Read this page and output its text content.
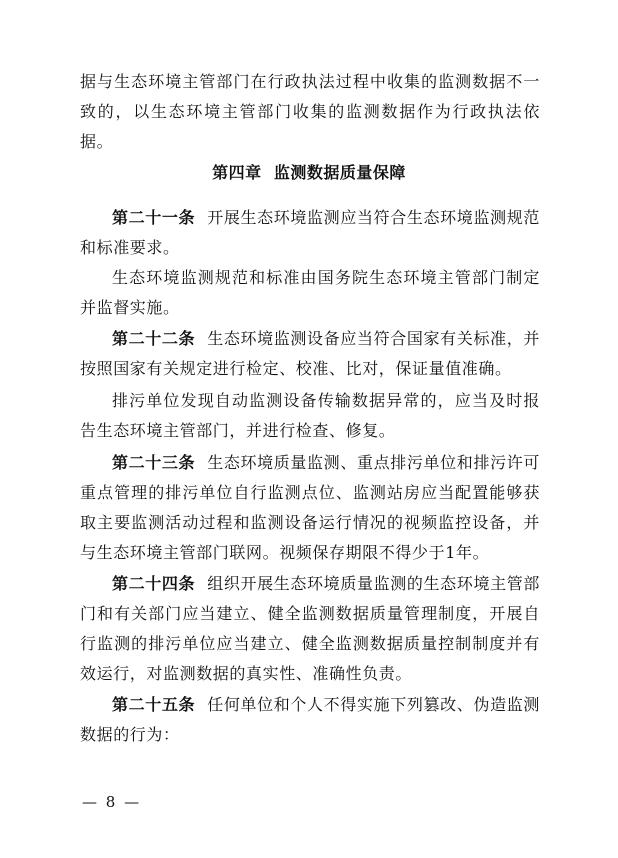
据与生态环境主管部门在行政执法过程中收集的监测数据不一致的，以生态环境主管部门收集的监测数据作为行政执法依据。
第四章  监测数据质量保障
第二十一条 开展生态环境监测应当符合生态环境监测规范和标准要求。
生态环境监测规范和标准由国务院生态环境主管部门制定并监督实施。
第二十二条 生态环境监测设备应当符合国家有关标准，并按照国家有关规定进行检定、校准、比对，保证量值准确。
排污单位发现自动监测设备传输数据异常的，应当及时报告生态环境主管部门，并进行检查、修复。
第二十三条 生态环境质量监测、重点排污单位和排污许可重点管理的排污单位自行监测点位、监测站房应当配置能够获取主要监测活动过程和监测设备运行情况的视频监控设备，并与生态环境主管部门联网。视频保存期限不得少于1年。
第二十四条 组织开展生态环境质量监测的生态环境主管部门和有关部门应当建立、健全监测数据质量管理制度，开展自行监测的排污单位应当建立、健全监测数据质量控制制度并有效运行，对监测数据的真实性、准确性负责。
第二十五条 任何单位和个人不得实施下列篡改、伪造监测数据的行为：
— 8 —
